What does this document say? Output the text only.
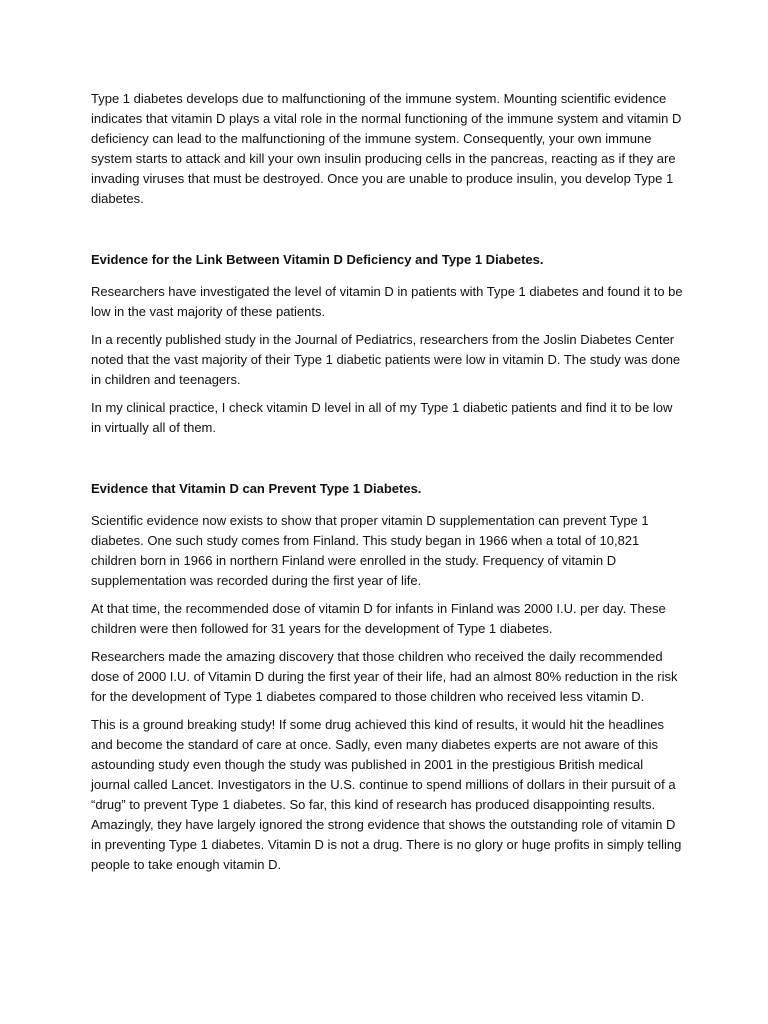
Type 1 diabetes develops due to malfunctioning of the immune system. Mounting scientific evidence indicates that vitamin D plays a vital role in the normal functioning of the immune system and vitamin D deficiency can lead to the malfunctioning of the immune system. Consequently, your own immune system starts to attack and kill your own insulin producing cells in the pancreas, reacting as if they are invading viruses that must be destroyed. Once you are unable to produce insulin, you develop Type 1 diabetes.

Evidence for the Link Between Vitamin D Deficiency and Type 1 Diabetes.

Researchers have investigated the level of vitamin D in patients with Type 1 diabetes and found it to be low in the vast majority of these patients.

In a recently published study in the Journal of Pediatrics, researchers from the Joslin Diabetes Center noted that the vast majority of their Type 1 diabetic patients were low in vitamin D. The study was done in children and teenagers.

In my clinical practice, I check vitamin D level in all of my Type 1 diabetic patients and find it to be low in virtually all of them.

Evidence that Vitamin D can Prevent Type 1 Diabetes.

Scientific evidence now exists to show that proper vitamin D supplementation can prevent Type 1 diabetes. One such study comes from Finland. This study began in 1966 when a total of 10,821 children born in 1966 in northern Finland were enrolled in the study. Frequency of vitamin D supplementation was recorded during the first year of life.

At that time, the recommended dose of vitamin D for infants in Finland was 2000 I.U. per day. These children were then followed for 31 years for the development of Type 1 diabetes.

Researchers made the amazing discovery that those children who received the daily recommended dose of 2000 I.U. of Vitamin D during the first year of their life, had an almost 80% reduction in the risk for the development of Type 1 diabetes compared to those children who received less vitamin D.

This is a ground breaking study! If some drug achieved this kind of results, it would hit the headlines and become the standard of care at once. Sadly, even many diabetes experts are not aware of this astounding study even though the study was published in 2001 in the prestigious British medical journal called Lancet. Investigators in the U.S. continue to spend millions of dollars in their pursuit of a “drug” to prevent Type 1 diabetes. So far, this kind of research has produced disappointing results. Amazingly, they have largely ignored the strong evidence that shows the outstanding role of vitamin D in preventing Type 1 diabetes. Vitamin D is not a drug. There is no glory or huge profits in simply telling people to take enough vitamin D.
